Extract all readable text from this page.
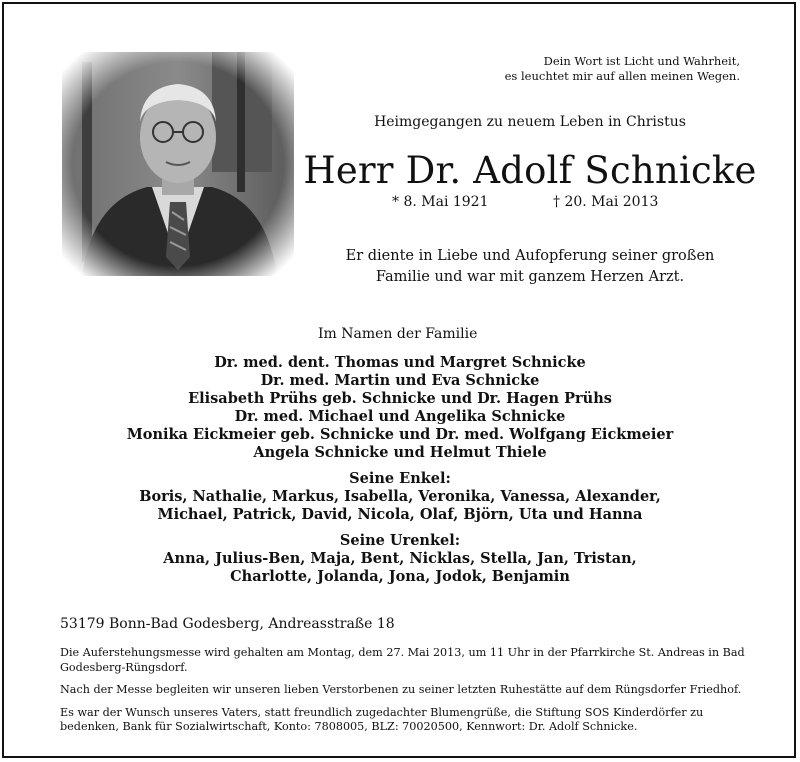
Dein Wort ist Licht und Wahrheit,
es leuchtet mir auf allen meinen Wegen.
Heimgegangen zu neuem Leben in Christus
Herr Dr. Adolf Schnicke
* 8. Mai 1921	† 20. Mai 2013
Er diente in Liebe und Aufopferung seiner großen
Familie und war mit ganzem Herzen Arzt.
Im Namen der Familie
Dr. med. dent. Thomas und Margret Schnicke
Dr. med. Martin und Eva Schnicke
Elisabeth Prühs geb. Schnicke und Dr. Hagen Prühs
Dr. med. Michael und Angelika Schnicke
Monika Eickmeier geb. Schnicke und Dr. med. Wolfgang Eickmeier
Angela Schnicke und Helmut Thiele
Seine Enkel:
Boris, Nathalie, Markus, Isabella, Veronika, Vanessa, Alexander,
Michael, Patrick, David, Nicola, Olaf, Björn, Uta und Hanna
Seine Urenkel:
Anna, Julius-Ben, Maja, Bent, Nicklas, Stella, Jan, Tristan,
Charlotte, Jolanda, Jona, Jodok, Benjamin
53179 Bonn-Bad Godesberg, Andreasstraße 18

Die Auferstehungsmesse wird gehalten am Montag, dem 27. Mai 2013, um 11 Uhr in der Pfarrkirche St. Andreas in Bad Godesberg-Rüngsdorf.

Nach der Messe begleiten wir unseren lieben Verstorbenen zu seiner letzten Ruhestätte auf dem Rüngsdorfer Friedhof.

Es war der Wunsch unseres Vaters, statt freundlich zugedachter Blumengrüße, die Stiftung SOS Kinderdörfer zu bedenken, Bank für Sozialwirtschaft, Konto: 7808005, BLZ: 70020500, Kennwort: Dr. Adolf Schnicke.
